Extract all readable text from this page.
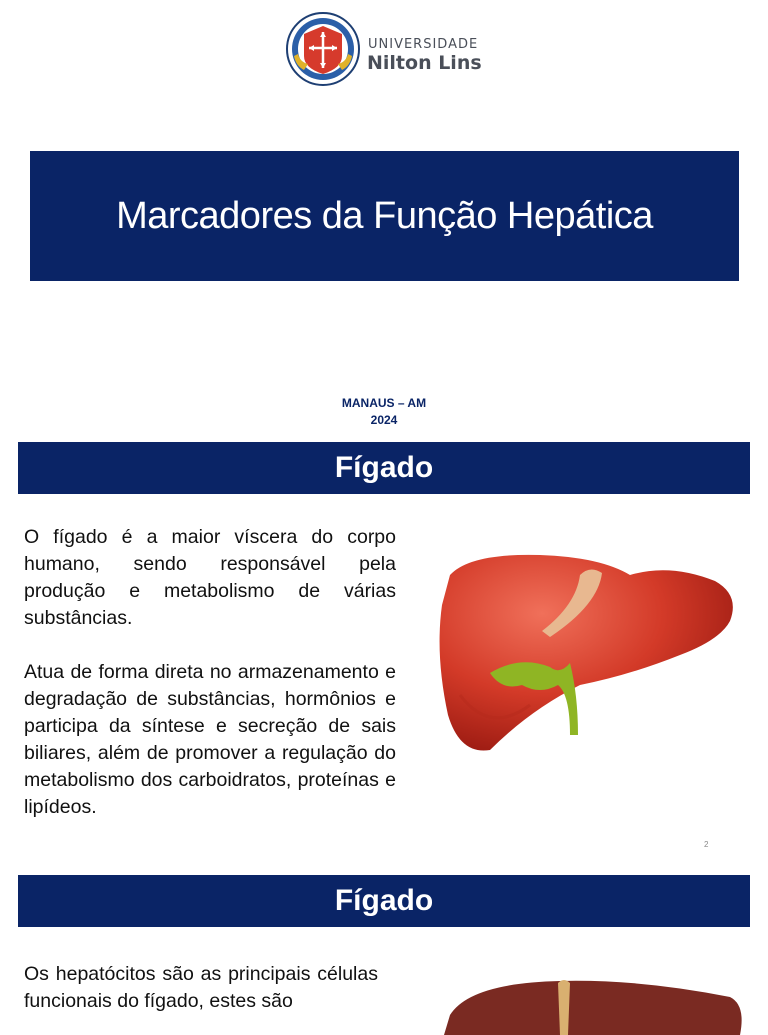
UNIVERSIDADE
Nilton Lins
Marcadores da Função Hepática
MANAUS – AM
2024
Fígado
O fígado é a maior víscera do corpo humano, sendo responsável pela produção e metabolismo de várias substâncias.
Atua de forma direta no armazenamento e degradação de substâncias, hormônios e participa da síntese e secreção de sais biliares, além de promover a regulação do metabolismo dos carboidratos, proteínas e lipídeos.
2
Fígado
Os hepatócitos são as principais células funcionais do fígado, estes são
